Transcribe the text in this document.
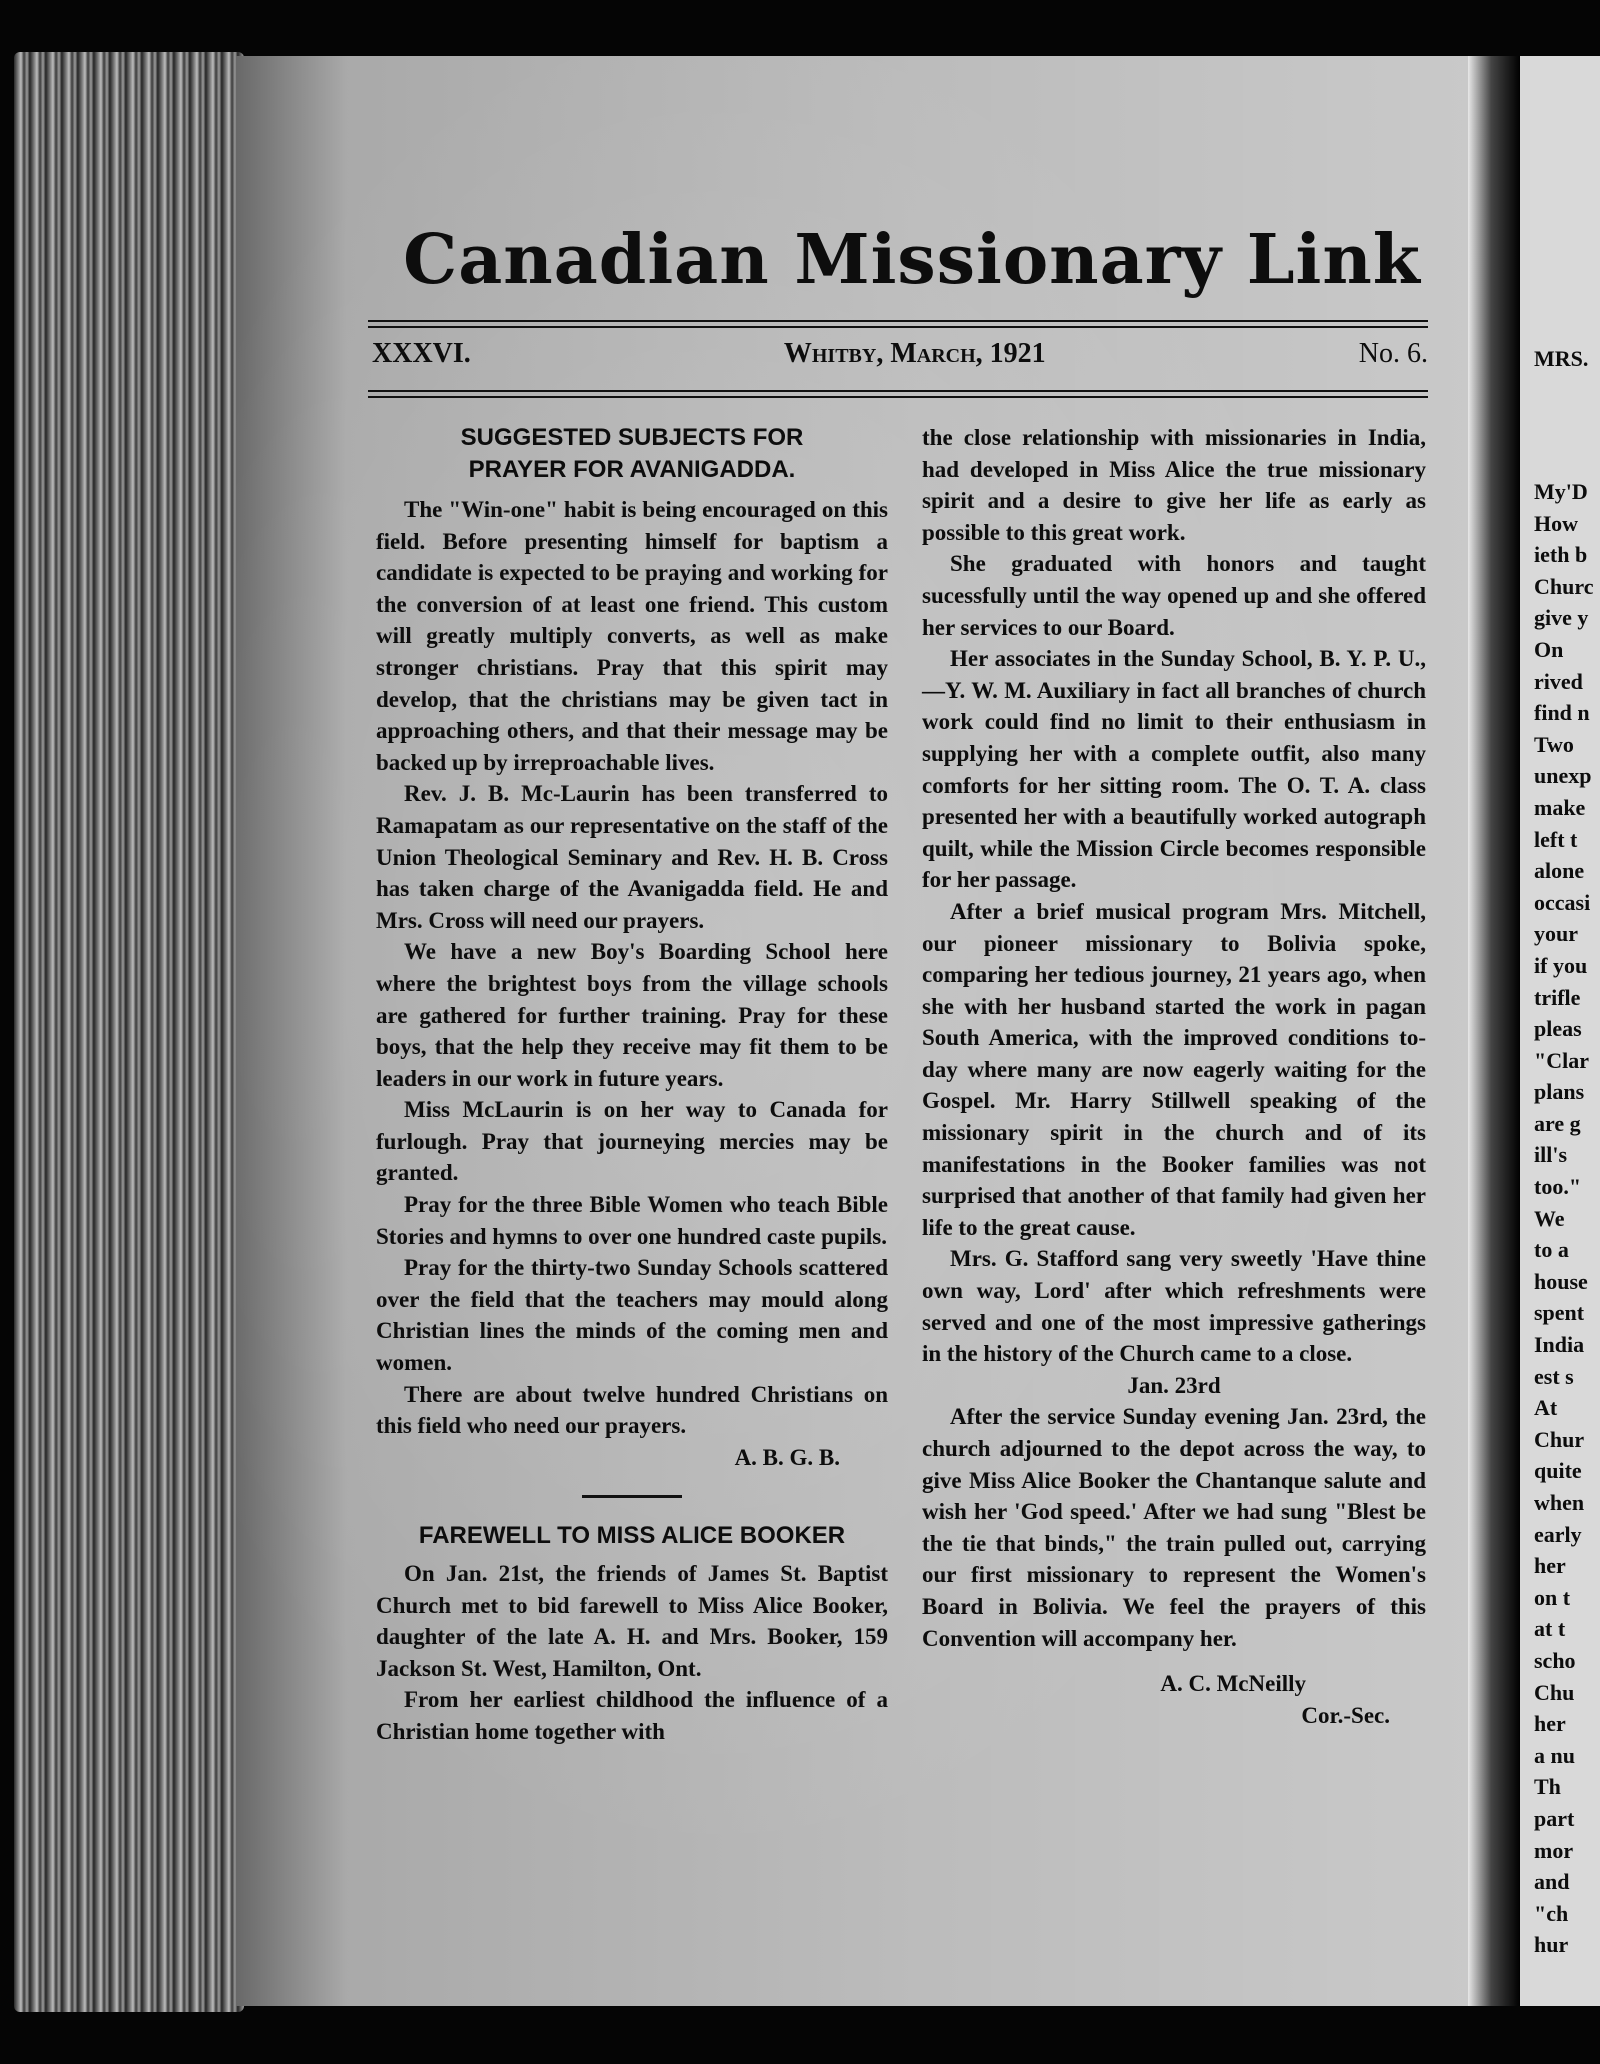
Canadian Missionary Link
XXXVI.	Whitby, March, 1921	No. 6.
SUGGESTED SUBJECTS FOR
PRAYER FOR AVANIGADDA.

The "Win-one" habit is being encouraged on this field. Before presenting himself for baptism a candidate is expected to be praying and working for the conversion of at least one friend. This custom will greatly multiply converts, as well as make stronger christians. Pray that this spirit may develop, that the christians may be given tact in approaching others, and that their message may be backed up by irreproachable lives.

Rev. J. B. Mc-Laurin has been transferred to Ramapatam as our representative on the staff of the Union Theological Seminary and Rev. H. B. Cross has taken charge of the Avanigadda field. He and Mrs. Cross will need our prayers.

We have a new Boy's Boarding School here where the brightest boys from the village schools are gathered for further training. Pray for these boys, that the help they receive may fit them to be leaders in our work in future years.

Miss McLaurin is on her way to Canada for furlough. Pray that journeying mercies may be granted.

Pray for the three Bible Women who teach Bible Stories and hymns to over one hundred caste pupils.

Pray for the thirty-two Sunday Schools scattered over the field that the teachers may mould along Christian lines the minds of the coming men and women.

There are about twelve hundred Christians on this field who need our prayers.

A. B. G. B.

FAREWELL TO MISS ALICE BOOKER

On Jan. 21st, the friends of James St. Baptist Church met to bid farewell to Miss Alice Booker, daughter of the late A. H. and Mrs. Booker, 159 Jackson St. West, Hamilton, Ont.

From her earliest childhood the influence of a Christian home together with

the close relationship with missionaries in India, had developed in Miss Alice the true missionary spirit and a desire to give her life as early as possible to this great work.

She graduated with honors and taught sucessfully until the way opened up and she offered her services to our Board.

Her associates in the Sunday School, B. Y. P. U.,—Y. W. M. Auxiliary in fact all branches of church work could find no limit to their enthusiasm in supplying her with a complete outfit, also many comforts for her sitting room. The O. T. A. class presented her with a beautifully worked autograph quilt, while the Mission Circle becomes responsible for her passage.

After a brief musical program Mrs. Mitchell, our pioneer missionary to Bolivia spoke, comparing her tedious journey, 21 years ago, when she with her husband started the work in pagan South America, with the improved conditions to-day where many are now eagerly waiting for the Gospel. Mr. Harry Stillwell speaking of the missionary spirit in the church and of its manifestations in the Booker families was not surprised that another of that family had given her life to the great cause.

Mrs. G. Stafford sang very sweetly 'Have thine own way, Lord' after which refreshments were served and one of the most impressive gatherings in the history of the Church came to a close.

Jan. 23rd

After the service Sunday evening Jan. 23rd, the church adjourned to the depot across the way, to give Miss Alice Booker the Chantanque salute and wish her 'God speed.' After we had sung "Blest be the tie that binds," the train pulled out, carrying our first missionary to represent the Women's Board in Bolivia. We feel the prayers of this Convention will accompany her.

A. C. McNeilly

Cor.-Sec.

MRS.
My'D
How
ieth b
Churc
give y
On
rived
find n
Two
unexp
make
left t
alone
occasi
your
if you
trifle
pleas
"Clar
plans
are g
ill's
too."
We
to a
house
spent
India
est s
At
Chur
quite
when
early
her
on t
at t
scho
Chu
her
a nu
Th
part
mor
and
"ch
hur
